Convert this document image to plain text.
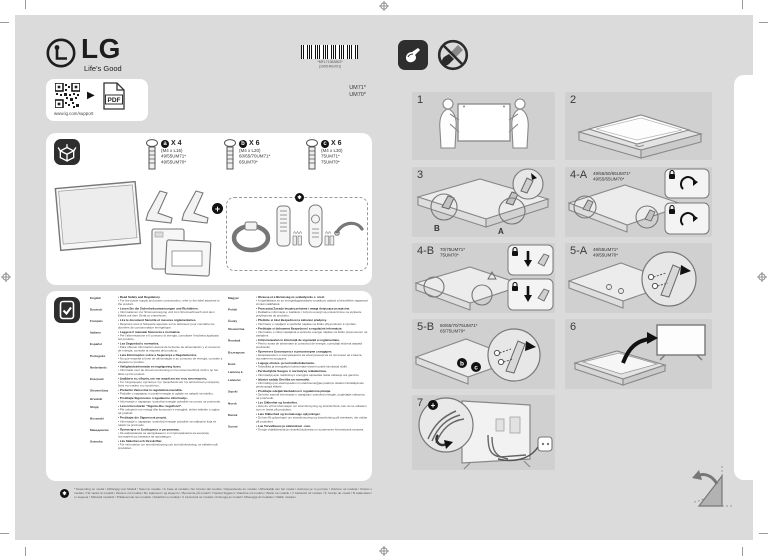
LG
Life's Good
▶ PDF
www.lg.com/support
*MFL71363802*
(1905-REV01)
UM71*
UM70*
a X 4
(M4 x L16)
49/55UM71*
49/55UM70*
b X 6
(M4 x L20)
60/65/70UM71*
65UM70*
c X 6
(M4 x L30)
75UM71*
75UM70*
+
✱
AAA	AA
English	• Read Safety and Regulatory.
• For the power supply and power consumption, refer to the label attached to the product.
Deutsch	• Lesen Sie die Sicherheitsanweisungen und Richtlinien.
• Informationen zur Stromversorgung und zum Stromverbrauch sind dem Etikett auf dem Gerät zu entnehmen.
Français	• Lire le document Sécurité et mesures réglementaires.
• Reportez-vous à l'étiquette apposée sur le téléviseur pour connaître les données de consommation énergétique.
Italiano	• Leggere il manuale Sicurezza e normativa.
• Per l'alimentazione e il consumo di energia, consultare l'etichetta applicata sul prodotto.
Español	• Lea Seguridad y normativa.
• Para obtener información acerca de la fuente de alimentación y el consumo de energía, consulte la etiqueta del producto.
Português	• Leia Informações sobre a Segurança e Regulamentos.
• No que respeita à fonte de alimentação e ao consumo de energia, consulte a etiqueta no produto.
Nederlands	• Veiligheidsinformatie en regelgeving lezen.
• Informatie over de stroomvoorziening en het stroomverbruik vindt u op het label op het product.
Ελληνικά	• Διαβάστε τις οδηγίες για την ασφάλεια και τους κανονισμούς.
• Για πληροφορίες σχετικά με την τροφοδοσία και την κατανάλωση ενέργειας, δείτε την ετικέτα του προϊόντος.
Slovenščina	• Preberite Varnostna in regulativna navodila.
• Podatke o napajanju in porabi energije si oglejte na nalepki na izdelku.
Hrvatski	• Pročitajte Sigurnosne i regulatorne informacije.
• Informacije o napajanju i potrošnji energije potražite na oznaci na proizvodu.
Shqip	• Lexoni broshurën "Siguria dhe rregulloret".
• Për ushqimin me energji dhe konsumin e energjisë, shihni etiketën e ngjitur në produkt.
Bosanski	• Pročitajte dio Sigurnosni propisi.
• Informacije o napajanju i potrošnji energije potražite na naljepnici koja se nalazi na proizvodu.
Македонски	• Прочитајте го Безбедност и регулатива.
• За информации за напојувањето и потрошувачката на енергија, погледнете ја ознаката на производот.
Svenska	• Läs Säkerhet och föreskrifter.
• För information om strömförsörjning och strömförbrukning, se etiketten på produkten.
Magyar	• Olvassa el a Biztonság és szabályozás c. részt.
• A tápellátásra és az energiafogyasztásra vonatkozó adatok a készülékre ragasztott címkén találhatók.
Polski	• Przeczytaj Zasady bezpieczeństwa i uwagi dotyczące przepisów.
• Dokładne informacje o zasilaniu i zużyciu energii są umieszczone na etykiecie przylepionej do produktu.
Česky	• Přečtěte si část Bezpečnost a zákonné předpisy.
• Informace o napájení a spotřebě najdete na štítku připevněném k výrobku.
Slovenčina	• Prečítajte si dokument Bezpečnosť a regulačné informácie.
• Informácie o zdroji napájania a spotrebe energie nájdete na štítku pripevnenom na zariadení.
Română	• Citiți manualul cu informații de siguranță și reglementare.
• Pentru sursa de alimentare și consumul de energie, consultați eticheta atașată produsului.
Български	• Прочетете Безопасност и регулаторни стандарти.
• Напрежението и консумацията на електроенергия са посочени на етикета, поставен на продукта.
Eesti	• Lugege ohutus- ja normatiivdokumente.
• Toiteallika ja energiakulu kohta leiate teavet tootele kinnitatud sildilt.
Lietuvių k.	• Perskaitykite Saugos ir normatyvų reikalavimus.
• Informaciją apie maitinimą ir energijos sąnaudas rasite etiketėje ant gaminio.
Latviešu	• Izlasiet sadaļu Drošība un normatīvi.
• Informāciju par elektropadevi un elektroenerģijas patēriņu skatiet izstrādājumam pievienotajā etiķetē.
Srpski	• Pročitajte odeljak Bezbednost i regulatorna pitanja.
• Da biste saznali informacije o napajanju i potrošnji energije, pogledajte nalepnicu na proizvodu.
Norsk	• Les Sikkerhet og forskrifter.
• Hvis du vil ha informasjon om strømforsyning og strømforbruk, kan du se etiketten som er festet på produktet.
Dansk	• Læs Sikkerhed og lovmæssige oplysninger.
• Du kan få oplysninger om strømforsyning og strømforbrug på mærkatet, der sidder på produktet.
Suomi	• Lue Turvallisuus ja säännökset -osio.
• Tietoja virtalähteestä ja virrankulutuksesta on tuotteeseen kiinnitetyssä tarrassa.
✱
* Depending on model / Abhängig vom Modell / Selon le modèle / In base al modello / En función del modelo / Dependendo do modelo / Afhankelijk van het model / Ανάλογα με το μοντέλο / Odvisno od modela / Ovisno o modelu / Në varësi të modelit / Zavisno od modela / Во зависност од моделот / Beroende på modell / Típustól függően / Zależnie od modelu / Závisí na modelu / V závislosti od modelu / În funcție de model / В зависимост от модела / Sõltuvalt mudelist / Priklausomai nuo modelio / Atkarībā no modeļa / U zavisnosti od modela / Avhengig av modell / Afhængigt af modellen / Mallin mukaan
1	2
B	A
3	4-A 49/55/60/65UM71*
49/55/65UM70*
4-B 70/75UM71*
75UM70*	5-A 49/55UM71*
49/55UM70*
b
c
5-B 60/65/70/75UM71*
65/75UM70*	6
7 +
